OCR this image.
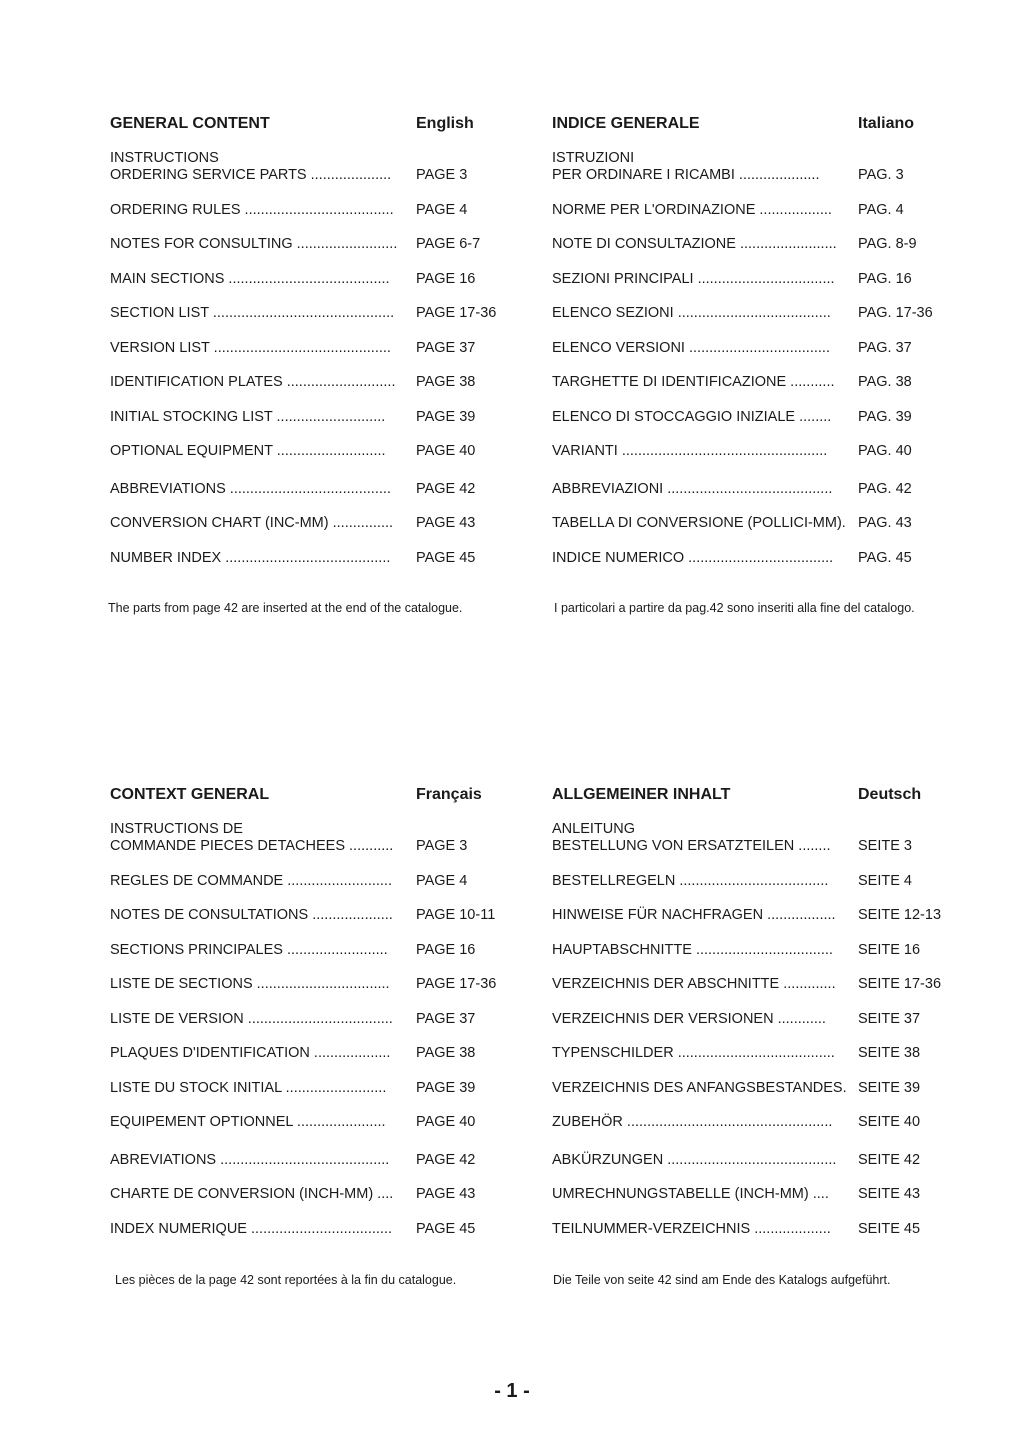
GENERAL CONTENT	English
INSTRUCTIONS
ORDERING SERVICE PARTS .................... PAGE 3
ORDERING RULES ..................................... PAGE 4
NOTES FOR CONSULTING ......................... PAGE 6-7
MAIN SECTIONS ........................................ PAGE 16
SECTION LIST ............................................. PAGE 17-36
VERSION LIST ............................................ PAGE 37
IDENTIFICATION PLATES ........................... PAGE 38
INITIAL STOCKING LIST ........................... PAGE 39
OPTIONAL EQUIPMENT ........................... PAGE 40
ABBREVIATIONS ........................................ PAGE 42
CONVERSION CHART (INC-MM) ............... PAGE 43
NUMBER INDEX ......................................... PAGE 45
The parts from page 42 are inserted at the end of the catalogue.
INDICE GENERALE	Italiano
ISTRUZIONI
PER ORDINARE I RICAMBI ....................	PAG. 3
NORME PER L'ORDINAZIONE .................. PAG. 4
NOTE DI CONSULTAZIONE ........................ PAG. 8-9
SEZIONI PRINCIPALI .................................. PAG. 16
ELENCO SEZIONI ...................................... PAG. 17-36
ELENCO VERSIONI ................................... PAG. 37
TARGHETTE DI IDENTIFICAZIONE ........... PAG. 38
ELENCO DI STOCCAGGIO INIZIALE ........ PAG. 39
VARIANTI ................................................... PAG. 40
ABBREVIAZIONI ......................................... PAG. 42
TABELLA DI CONVERSIONE (POLLICI-MM). PAG. 43
INDICE NUMERICO .................................... PAG. 45
I particolari a partire da pag.42 sono inseriti alla fine del catalogo.
CONTEXT GENERAL	Français
INSTRUCTIONS DE
COMMANDE PIECES DETACHEES ........... PAGE 3
REGLES DE COMMANDE .......................... PAGE 4
NOTES DE CONSULTATIONS .................... PAGE 10-11
SECTIONS PRINCIPALES ......................... PAGE 16
LISTE DE SECTIONS ................................. PAGE 17-36
LISTE DE VERSION .................................... PAGE 37
PLAQUES D'IDENTIFICATION ................... PAGE 38
LISTE DU STOCK INITIAL ......................... PAGE 39
EQUIPEMENT OPTIONNEL ...................... PAGE 40
ABREVIATIONS .......................................... PAGE 42
CHARTE DE CONVERSION (INCH-MM) .... PAGE 43
INDEX NUMERIQUE ................................... PAGE 45
Les pièces de la page 42 sont reportées à la fin du catalogue.
ALLGEMEINER INHALT	Deutsch
ANLEITUNG
BESTELLUNG VON ERSATZTEILEN ........ SEITE 3
BESTELLREGELN ..................................... SEITE 4
HINWEISE FÜR NACHFRAGEN ................. SEITE 12-13
HAUPTABSCHNITTE .................................. SEITE 16
VERZEICHNIS DER ABSCHNITTE ............. SEITE 17-36
VERZEICHNIS DER VERSIONEN ............ SEITE 37
TYPENSCHILDER ....................................... SEITE 38
VERZEICHNIS DES ANFANGSBESTANDES. SEITE 39
ZUBEHÖR ................................................... SEITE 40
ABKÜRZUNGEN .......................................... SEITE 42
UMRECHNUNGSTABELLE (INCH-MM) .... SEITE 43
TEILNUMMER-VERZEICHNIS ................... SEITE 45
Die Teile von seite 42 sind am Ende des Katalogs aufgeführt.
- 1 -
